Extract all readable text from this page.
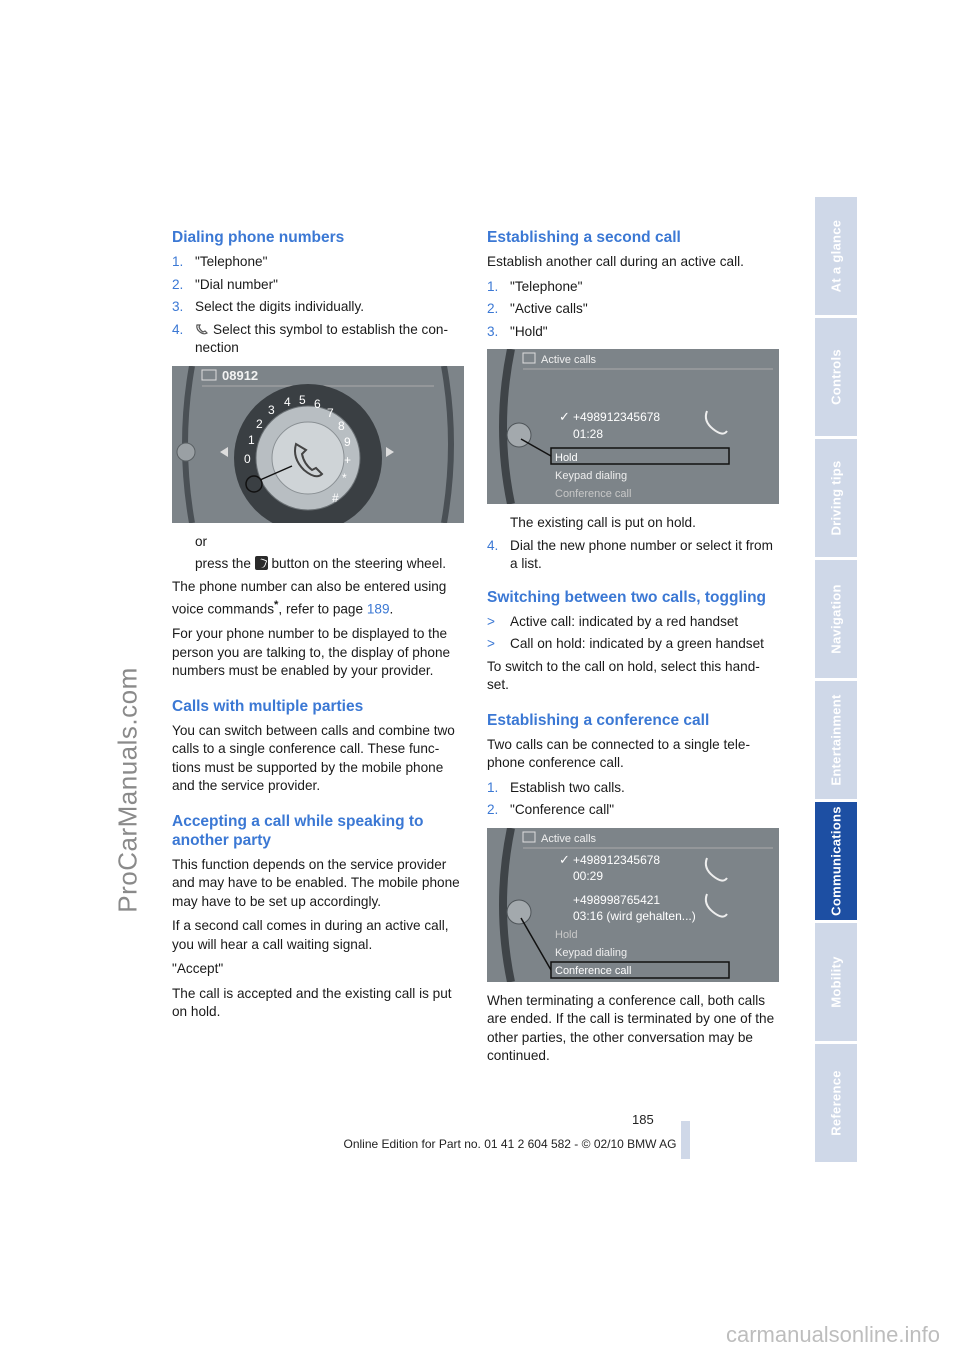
ProCarManuals.com
Dialing phone numbers
1. "Telephone"
2. "Dial number"
3. Select the digits individually.
4. Select this symbol to establish the con-nection
08912
0
1
2
3
4 5 6
7
8
9
+
*
#
or
press the button on the steering wheel.

The phone number can also be entered using voice commands*, refer to page 189.

For your phone number to be displayed to the person you are talking to, the display of phone numbers must be enabled by your provider.

Calls with multiple parties

You can switch between calls and combine two calls to a single conference call. These func-tions must be supported by the mobile phone and the service provider.

Accepting a call while speaking to another party

This function depends on the service provider and may have to be enabled. The mobile phone may have to be set up accordingly.

If a second call comes in during an active call, you will hear a call waiting signal.

"Accept"

The call is accepted and the existing call is put on hold.

Establishing a second call

Establish another call during an active call.

1. "Telephone"
2. "Active calls"
3. "Hold"
Active calls
✓ +498912345678
01:28
Hold
Keypad dialing
Conference call
The existing call is put on hold.
4. Dial the new phone number or select it from a list.
Switching between two calls, toggling
> Active call: indicated by a red handset
> Call on hold: indicated by a green handset

To switch to the call on hold, select this hand-set.

Establishing a conference call

Two calls can be connected to a single tele-phone conference call.

1. Establish two calls.
2. "Conference call"
Active calls
✓ +498912345678
00:29
+498998765421
03:16 (wird gehalten...)
Hold
Keypad dialing
Conference call

When terminating a conference call, both calls are ended. If the call is terminated by one of the other parties, the other conversation may be continued.

At a glance
Controls
Driving tips
Navigation
Entertainment
Communications
Mobility
Reference
185
Online Edition for Part no. 01 41 2 604 582 - © 02/10 BMW AG
carmanualsonline.info
